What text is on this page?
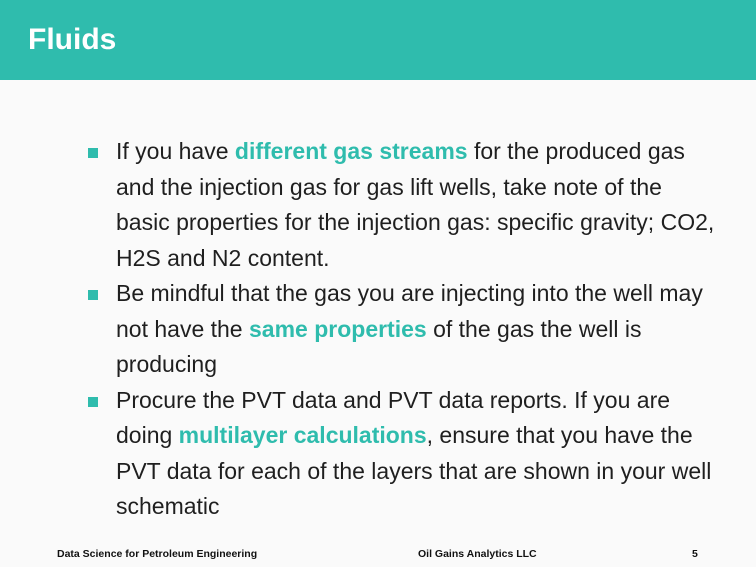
Fluids
If you have different gas streams for the produced gas and the injection gas for gas lift wells, take note of the basic properties for the injection gas: specific gravity; CO2, H2S and N2 content.
Be mindful that the gas you are injecting into the well may not have the same properties of the gas the well is producing
Procure the PVT data and PVT data reports. If you are doing multilayer calculations, ensure that you have the PVT data for each of the layers that are shown in your well schematic
Data Science for Petroleum Engineering	Oil Gains Analytics LLC	5
